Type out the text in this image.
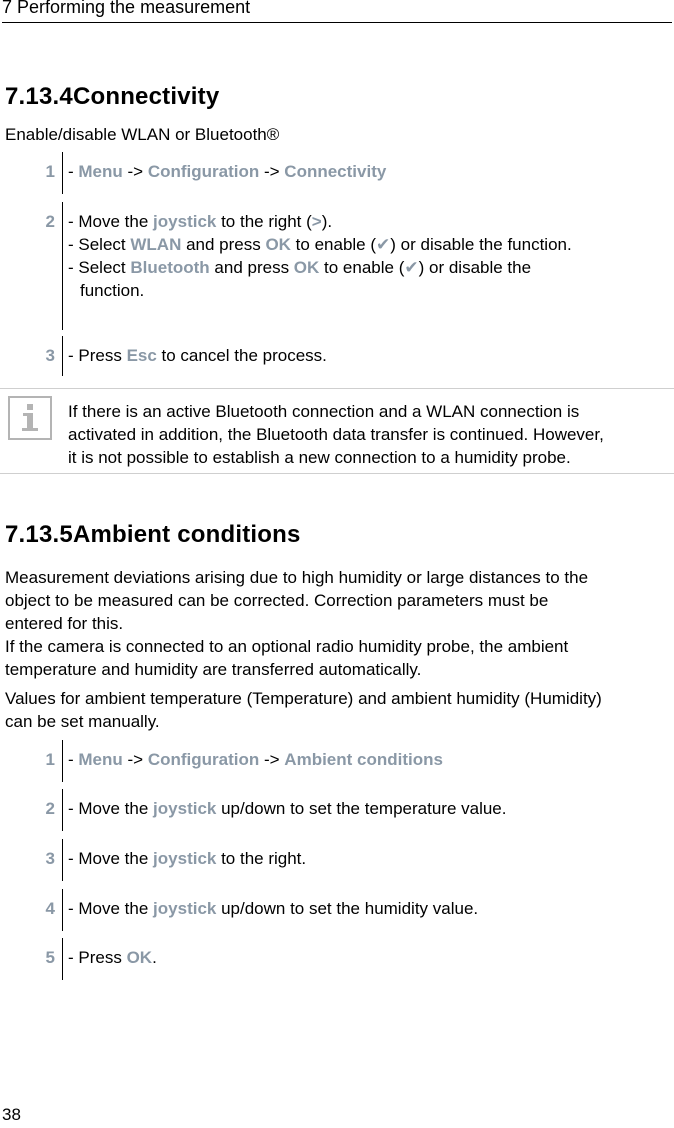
7 Performing the measurement
7.13.4Connectivity
Enable/disable WLAN or Bluetooth®
1 - Menu -> Configuration -> Connectivity
2 - Move the joystick to the right (>).
- Select WLAN and press OK to enable (✔) or disable the function.
- Select Bluetooth and press OK to enable (✔) or disable the
function.
3 - Press Esc to cancel the process.
If there is an active Bluetooth connection and a WLAN connection is
activated in addition, the Bluetooth data transfer is continued. However,
it is not possible to establish a new connection to a humidity probe.
7.13.5Ambient conditions
Measurement deviations arising due to high humidity or large distances to the
object to be measured can be corrected. Correction parameters must be
entered for this.
If the camera is connected to an optional radio humidity probe, the ambient
temperature and humidity are transferred automatically.
Values for ambient temperature (Temperature) and ambient humidity (Humidity)
can be set manually.
1 - Menu -> Configuration -> Ambient conditions
2 - Move the joystick up/down to set the temperature value.
3 - Move the joystick to the right.
4 - Move the joystick up/down to set the humidity value.
5 - Press OK.
38
